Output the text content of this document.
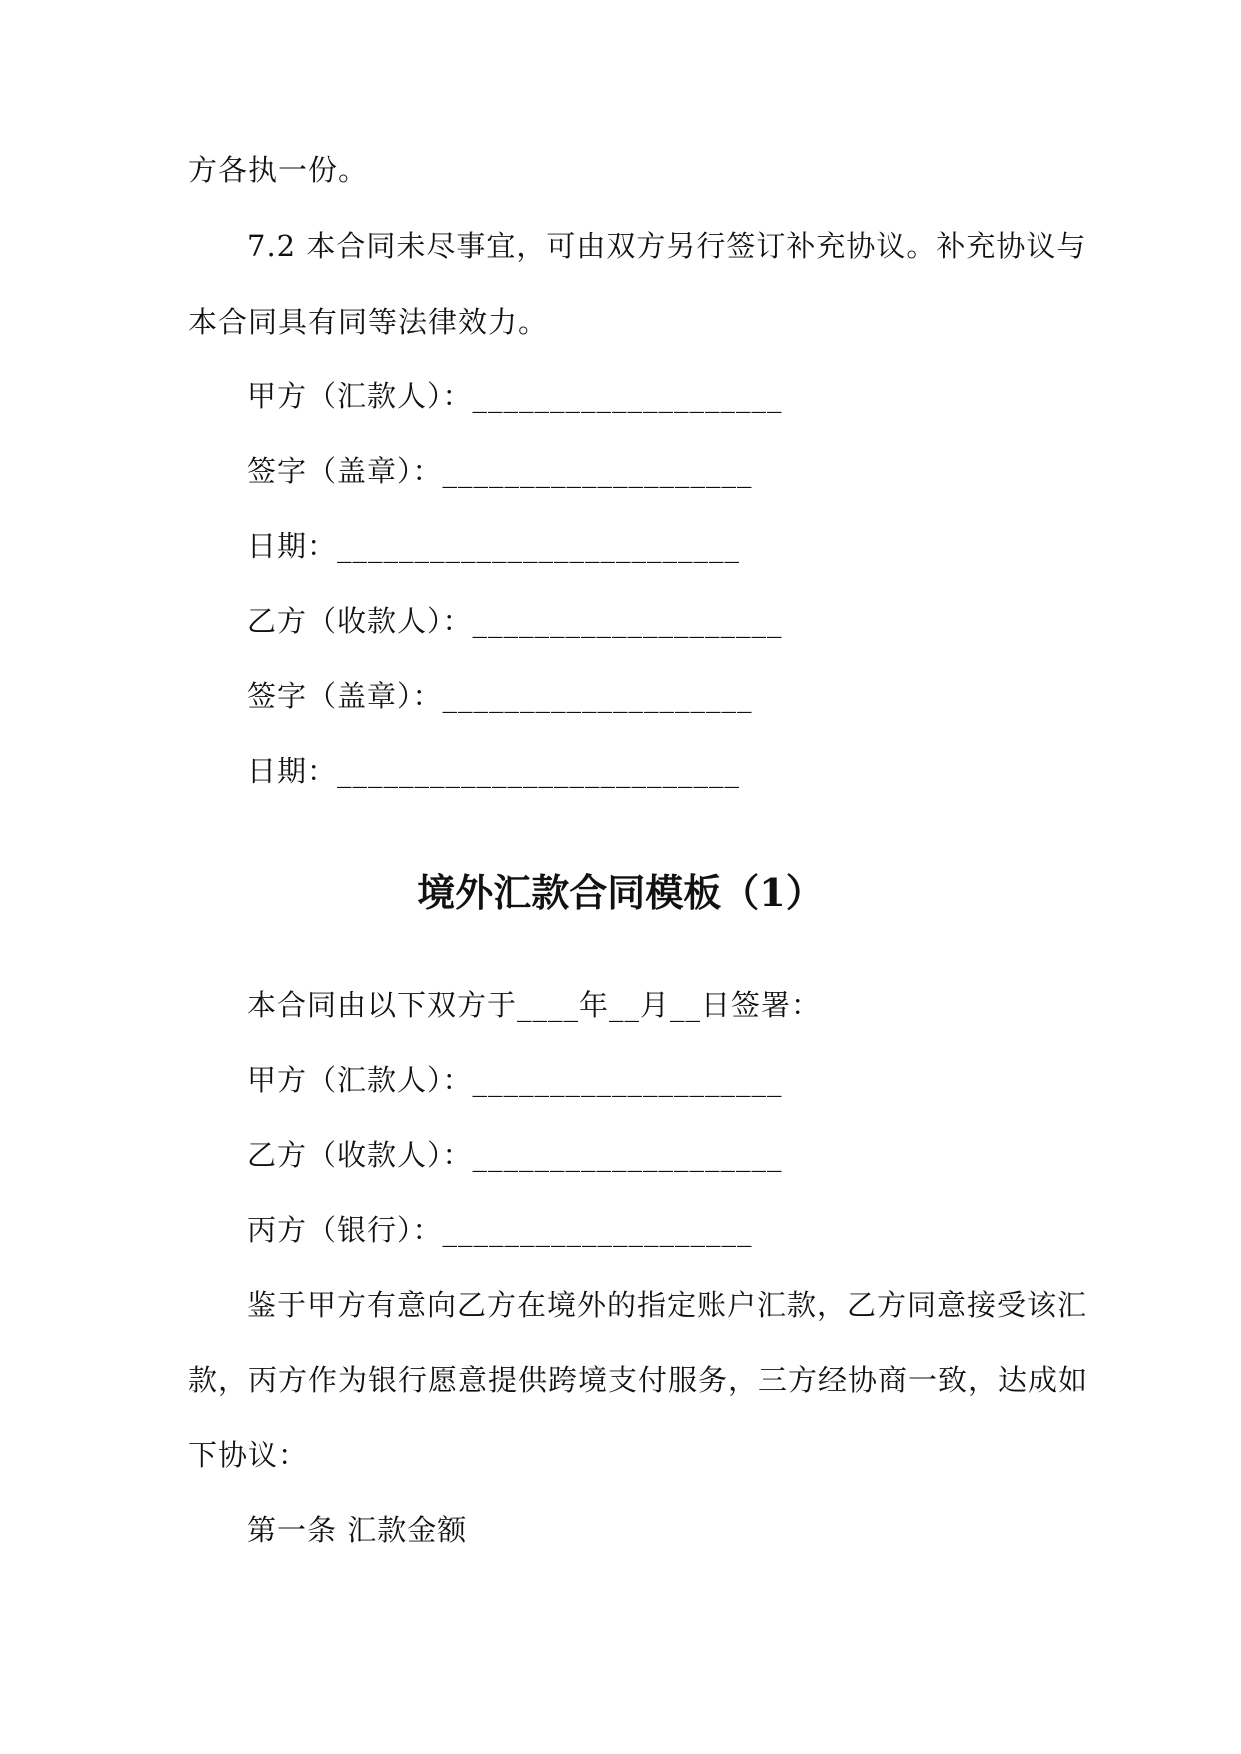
方各执一份。
7.2 本合同未尽事宜，可由双方另行签订补充协议。补充协议与
本合同具有同等法律效力。
甲方（汇款人）：____________________
签字（盖章）：____________________
日期：__________________________
乙方（收款人）：____________________
签字（盖章）：____________________
日期：__________________________
境外汇款合同模板（1）
本合同由以下双方于____年__月__日签署：
甲方（汇款人）：____________________
乙方（收款人）：____________________
丙方（银行）：____________________
鉴于甲方有意向乙方在境外的指定账户汇款，乙方同意接受该汇
款，丙方作为银行愿意提供跨境支付服务，三方经协商一致，达成如
下协议：
第一条 汇款金额
